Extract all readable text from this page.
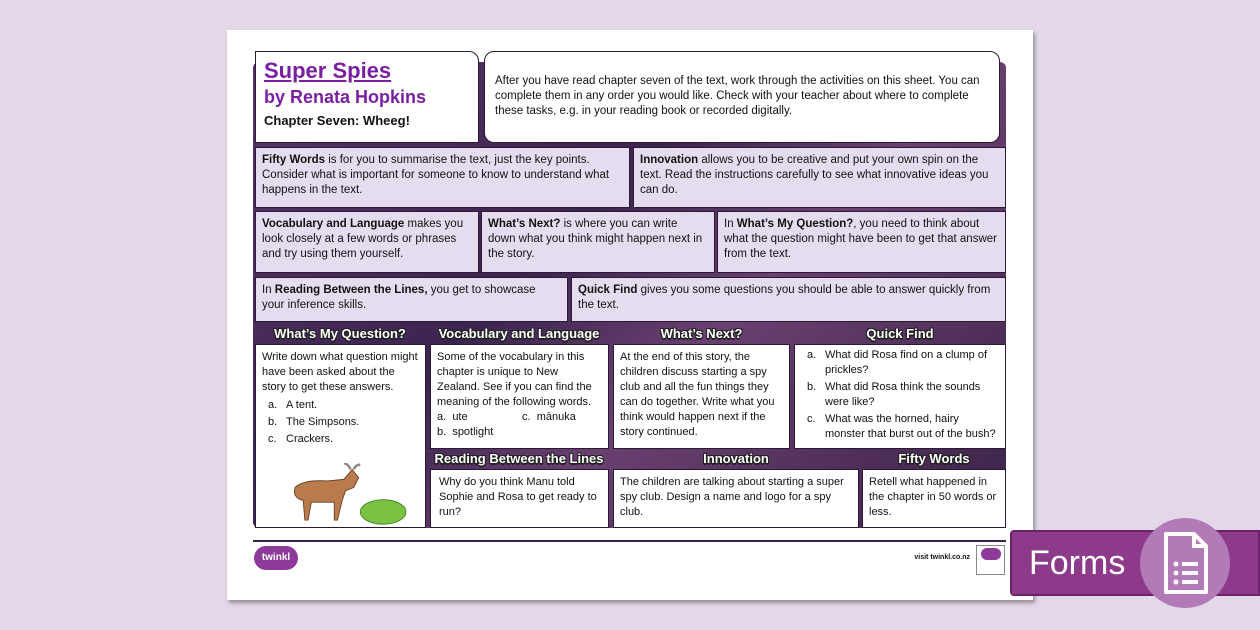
Super Spies
by Renata Hopkins
Chapter Seven: Wheeg!
After you have read chapter seven of the text, work through the activities on this sheet. You can complete them in any order you would like. Check with your teacher about where to complete these tasks, e.g. in your reading book or recorded digitally.
Fifty Words is for you to summarise the text, just the key points. Consider what is important for someone to know to understand what happens in the text.
Innovation allows you to be creative and put your own spin on the text. Read the instructions carefully to see what innovative ideas you can do.
Vocabulary and Language makes you look closely at a few words or phrases and try using them yourself.
What’s Next? is where you can write down what you think might happen next in the story.
In What’s My Question?, you need to think about what the question might have been to get that answer from the text.
In Reading Between the Lines, you get to showcase your inference skills.
Quick Find gives you some questions you should be able to answer quickly from the text.
What’s My Question?	Vocabulary and Language	What’s Next?	Quick Find
Reading Between the Lines	Innovation	Fifty Words
Write down what question might have been asked about the story to get these answers.
a. A tent.
b. The Simpsons.
c. Crackers.
Some of the vocabulary in this chapter is unique to New Zealand. See if you can find the meaning of the following words.
a. ute	c. mānuka
b. spotlight
At the end of this story, the children discuss starting a spy club and all the fun things they can do together. Write what you think would happen next if the story continued.
a. What did Rosa find on a clump of prickles?
b. What did Rosa think the sounds were like?
c. What was the horned, hairy monster that burst out of the bush?
Why do you think Manu told Sophie and Rosa to get ready to run?
The children are talking about starting a super spy club. Design a name and logo for a spy club.
Retell what happened in the chapter in 50 words or less.
twinkl	visit twinkl.co.nz Forms
